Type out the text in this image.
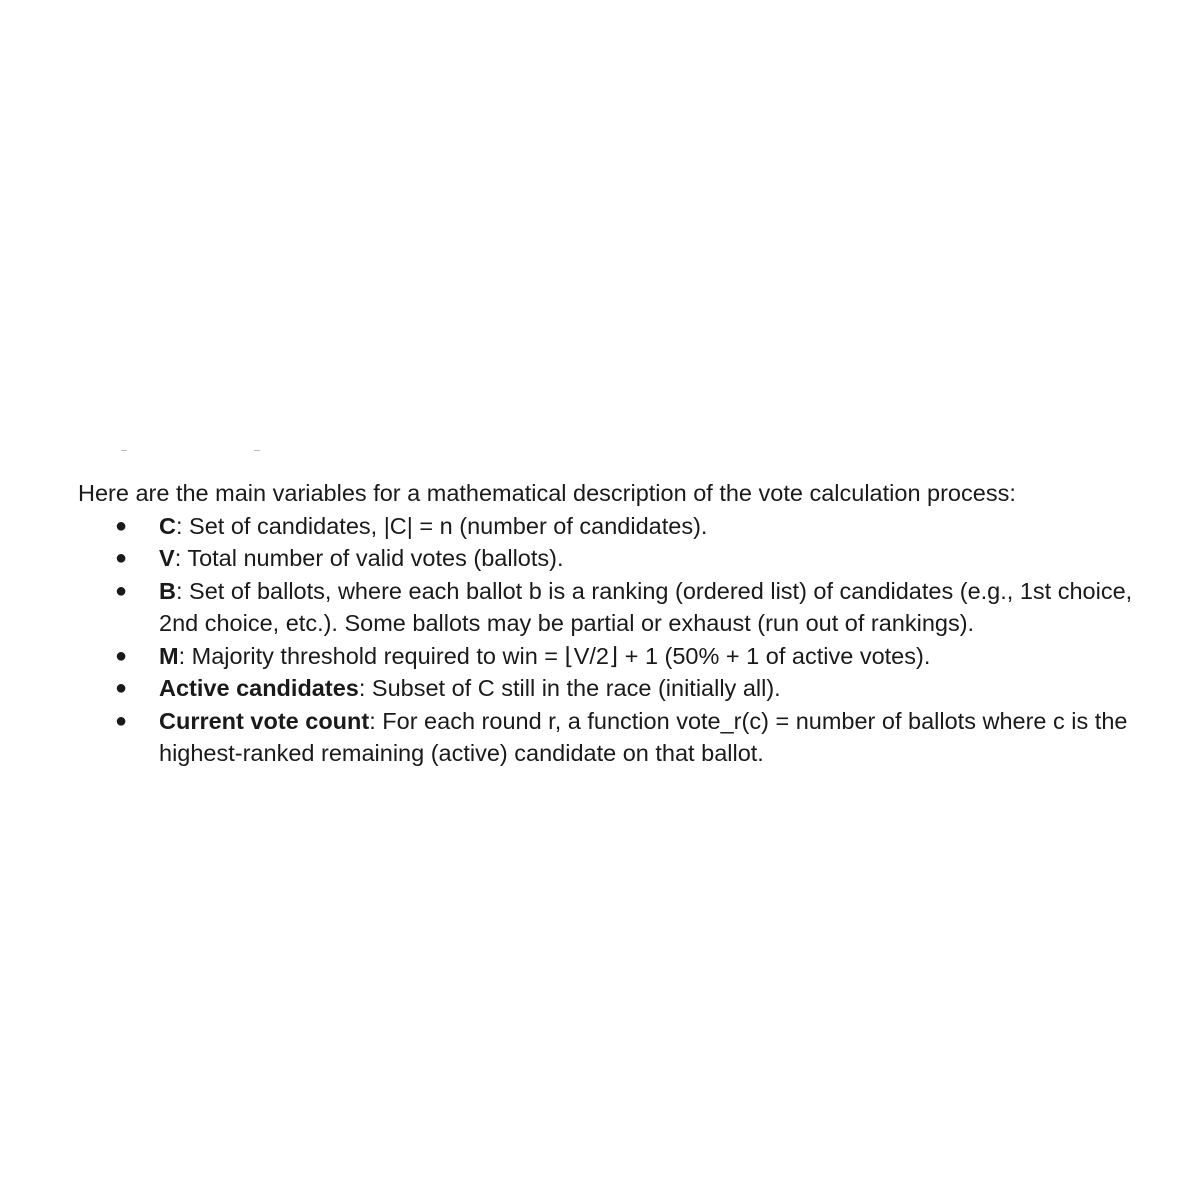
Here are the main variables for a mathematical description of the vote calculation process:

● C: Set of candidates, |C| = n (number of candidates).
● V: Total number of valid votes (ballots).
● B: Set of ballots, where each ballot b is a ranking (ordered list) of candidates (e.g., 1st choice, 2nd choice, etc.). Some ballots may be partial or exhaust (run out of rankings).
● M: Majority threshold required to win = ⌊V/2⌋ + 1 (50% + 1 of active votes).
● Active candidates: Subset of C still in the race (initially all).
● Current vote count: For each round r, a function vote_r(c) = number of ballots where c is the highest-ranked remaining (active) candidate on that ballot.
